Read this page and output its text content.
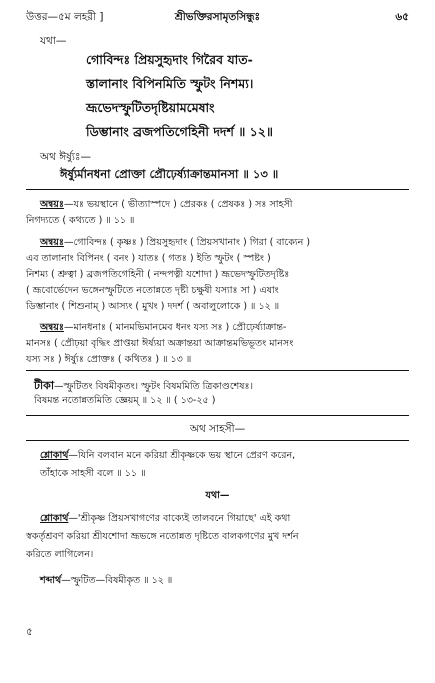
উত্তর—৫ম লহরী ]	শ্রীভক্তিরসামৃতসিন্ধুঃ	৬৫
যথা—
গোবিন্দঃ প্রিয়সুহৃদাং গিরৈব যাত-
স্তালানাং বিপিনমিতি স্ফুটং নিশম্য।
ভ্রূভেদস্ফুটিতদৃষ্টিয়ামমেষাং
ডিম্ভানাং ব্রজপতিগেহিনী দদর্শ ॥ ১২॥
অথ ঈর্ষ্যুঃ—
ঈর্ষ্যুর্মানধনা প্রোক্তা প্রৌঢ়ের্ষ্যাক্রান্তমানসা ॥ ১৩ ॥
অন্বয়ঃ—যঃ ভয়স্থানে ( ভীত্যাস্পদে ) প্রেরকঃ ( প্রেষকঃ ) সঃ সাহসী
নিগদ্যতে ( কথ্যতে ) ॥ ১১ ॥
অন্বয়ঃ—গোবিন্দঃ ( কৃষ্ণঃ ) প্রিয়সুহৃদাং ( প্রিয়সখানাং ) গিরা ( বাক্যেন )
এব তালানাং বিপিনং ( বনং ) যাতঃ ( গতঃ ) ইতি স্ফুটং ( স্পষ্টং )
নিশম্য ( শ্রুত্বা ) ব্রজপতিগেহিনী ( নন্দপত্নী যশোদা ) ভ্রূভেদস্ফুটিতদৃষ্টিঃ
( ভ্রূবোর্ভেদেন ভঙ্গেনস্ফুটিতে নতোন্নতে দৃষ্টী চক্ষুষী যস্যাঃ সা ) এষাং
ডিম্ভানাং ( শিশুনাম্ ) আস্যং ( মুখং ) দদর্শ ( অবালুলোকে ) ॥ ১২ ॥
অন্বয়ঃ—মানধনাঃ ( মানমভিমানমেব ধনং যস্য সঃ ) প্রৌঢ়ের্ষ্যাক্রান্ত-
মানসঃ ( প্রৌঢ়য়া বৃদ্ধিং প্রাপ্তয়া ঈর্ষ্যয়া অক্রান্তয়া আক্রান্তমভিভূতং মানসং
যস্য সঃ ) ঈর্ষ্যুঃ প্রোক্তঃ ( কথিতঃ ) ॥ ১৩ ॥
টীকা—স্ফুটিতং বিষমীকৃতং। স্ফুটং বিষমমিতি ত্রিকাণ্ডশেষঃ।
বিষমন্ত নতোন্নতমিতি জ্ঞেয়ম্ ॥ ১২ ॥ ( ১৩-২৫ )
অথ সাহসী—
শ্লোকার্থ—যিনি বলবান মনে করিয়া শ্রীকৃষ্ণকে ভয় স্থানে প্রেরণ করেন,
তাঁহাকে সাহসী বলে ॥ ১১ ॥
যথা—
শ্লোকার্থ—'শ্রীকৃষ্ণ প্রিয়সখাগণের বাক্যেই তালবনে গিয়াছে' এই কথা
স্বকর্তৃশ্রবণ করিয়া শ্রীযশোদা ভ্রূভঙ্গে নতোন্নত দৃষ্টিতে বালকগণের মুখ দর্শন
করিতে লাগিলেন।
শব্দার্থ—স্ফুটিত—বিষমীকৃত ॥ ১২ ॥
৫
